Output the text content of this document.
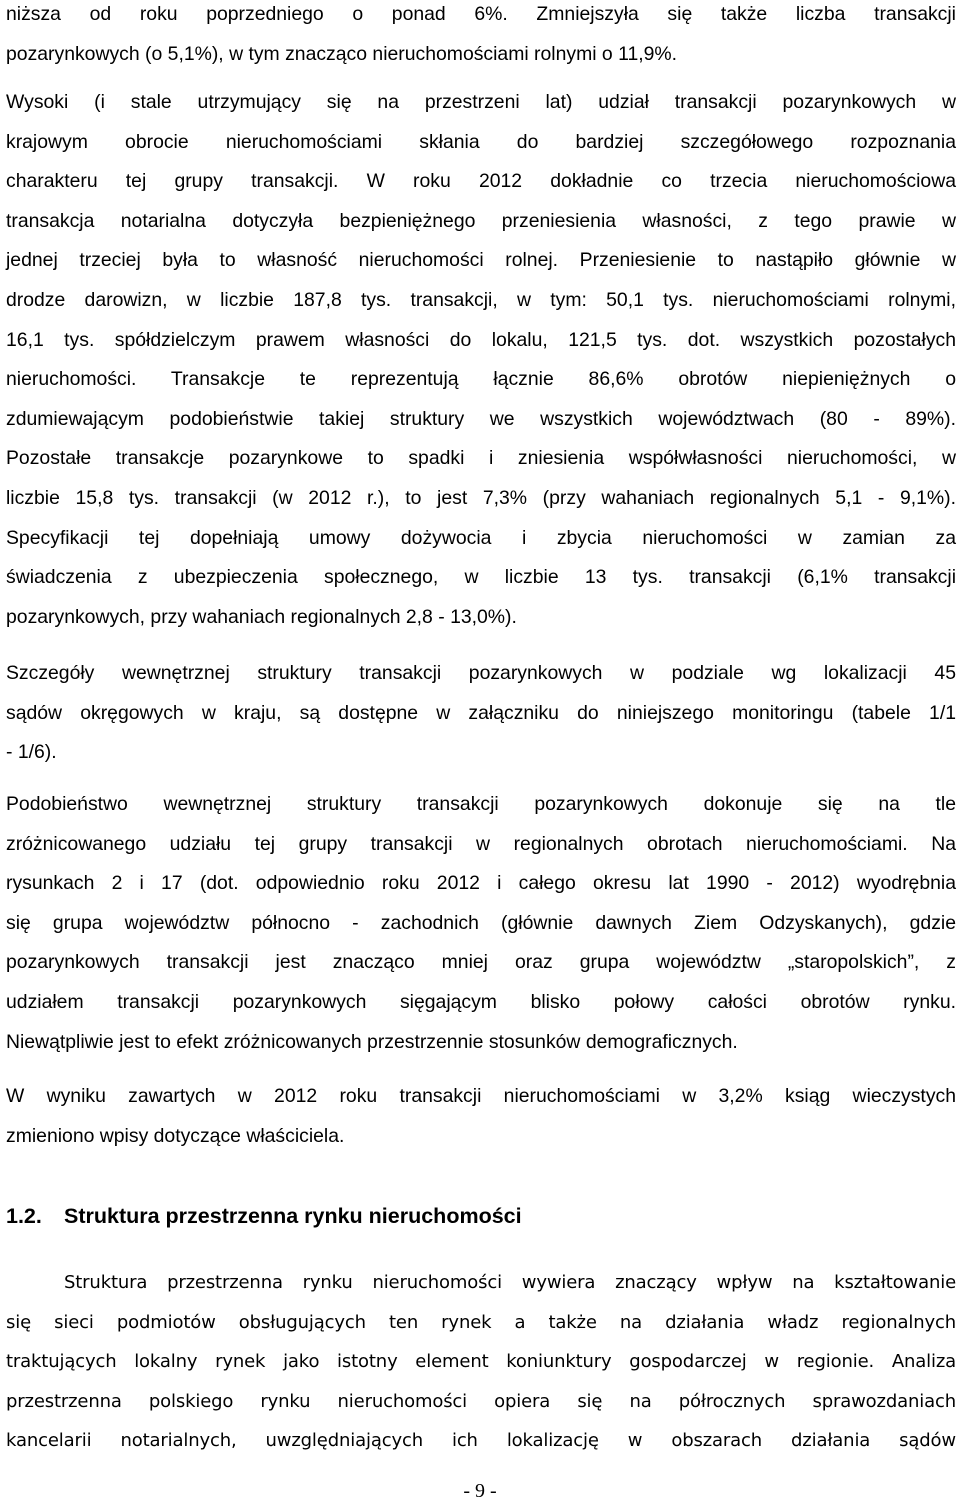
niższa od roku poprzedniego o ponad 6%. Zmniejszyła się także liczba transakcji
pozarynkowych (o 5,1%), w tym znacząco nieruchomościami rolnymi o 11,9%.
Wysoki (i stale utrzymujący się na przestrzeni lat) udział transakcji pozarynkowych w
krajowym obrocie nieruchomościami skłania do bardziej szczegółowego rozpoznania
charakteru tej grupy transakcji. W roku 2012 dokładnie co trzecia nieruchomościowa
transakcja notarialna dotyczyła bezpieniężnego przeniesienia własności, z tego prawie w
jednej trzeciej była to własność nieruchomości rolnej. Przeniesienie to nastąpiło głównie w
drodze darowizn, w liczbie 187,8 tys. transakcji, w tym: 50,1 tys. nieruchomościami rolnymi,
16,1 tys. spółdzielczym prawem własności do lokalu, 121,5 tys. dot. wszystkich pozostałych
nieruchomości. Transakcje te reprezentują łącznie 86,6% obrotów niepieniężnych o
zdumiewającym podobieństwie takiej struktury we wszystkich województwach (80 - 89%).
Pozostałe transakcje pozarynkowe to spadki i zniesienia współwłasności nieruchomości, w
liczbie 15,8 tys. transakcji (w 2012 r.), to jest 7,3% (przy wahaniach regionalnych 5,1 - 9,1%).
Specyfikacji tej dopełniają umowy dożywocia i zbycia nieruchomości w zamian za
świadczenia z ubezpieczenia społecznego, w liczbie 13 tys. transakcji (6,1% transakcji
pozarynkowych, przy wahaniach regionalnych 2,8 - 13,0%).
Szczegóły wewnętrznej struktury transakcji pozarynkowych w podziale wg lokalizacji 45
sądów okręgowych w kraju, są dostępne w załączniku do niniejszego monitoringu (tabele 1/1
- 1/6).
Podobieństwo wewnętrznej struktury transakcji pozarynkowych dokonuje się na tle
zróżnicowanego udziału tej grupy transakcji w regionalnych obrotach nieruchomościami. Na
rysunkach 2 i 17 (dot. odpowiednio roku 2012 i całego okresu lat 1990 - 2012) wyodrębnia
się grupa województw północno - zachodnich (głównie dawnych Ziem Odzyskanych), gdzie
pozarynkowych transakcji jest znacząco mniej oraz grupa województw „staropolskich”, z
udziałem transakcji pozarynkowych sięgającym blisko połowy całości obrotów rynku.
Niewątpliwie jest to efekt zróżnicowanych przestrzennie stosunków demograficznych.
W wyniku zawartych w 2012 roku transakcji nieruchomościami w 3,2% ksiąg wieczystych
zmieniono wpisy dotyczące właściciela.
1.2. Struktura przestrzenna rynku nieruchomości
Struktura przestrzenna rynku nieruchomości wywiera znaczący wpływ na kształtowanie
się sieci podmiotów obsługujących ten rynek a także na działania władz regionalnych
traktujących lokalny rynek jako istotny element koniunktury gospodarczej w regionie. Analiza
przestrzenna polskiego rynku nieruchomości opiera się na półrocznych sprawozdaniach
kancelarii notarialnych, uwzględniających ich lokalizację w obszarach działania sądów
- 9 -
